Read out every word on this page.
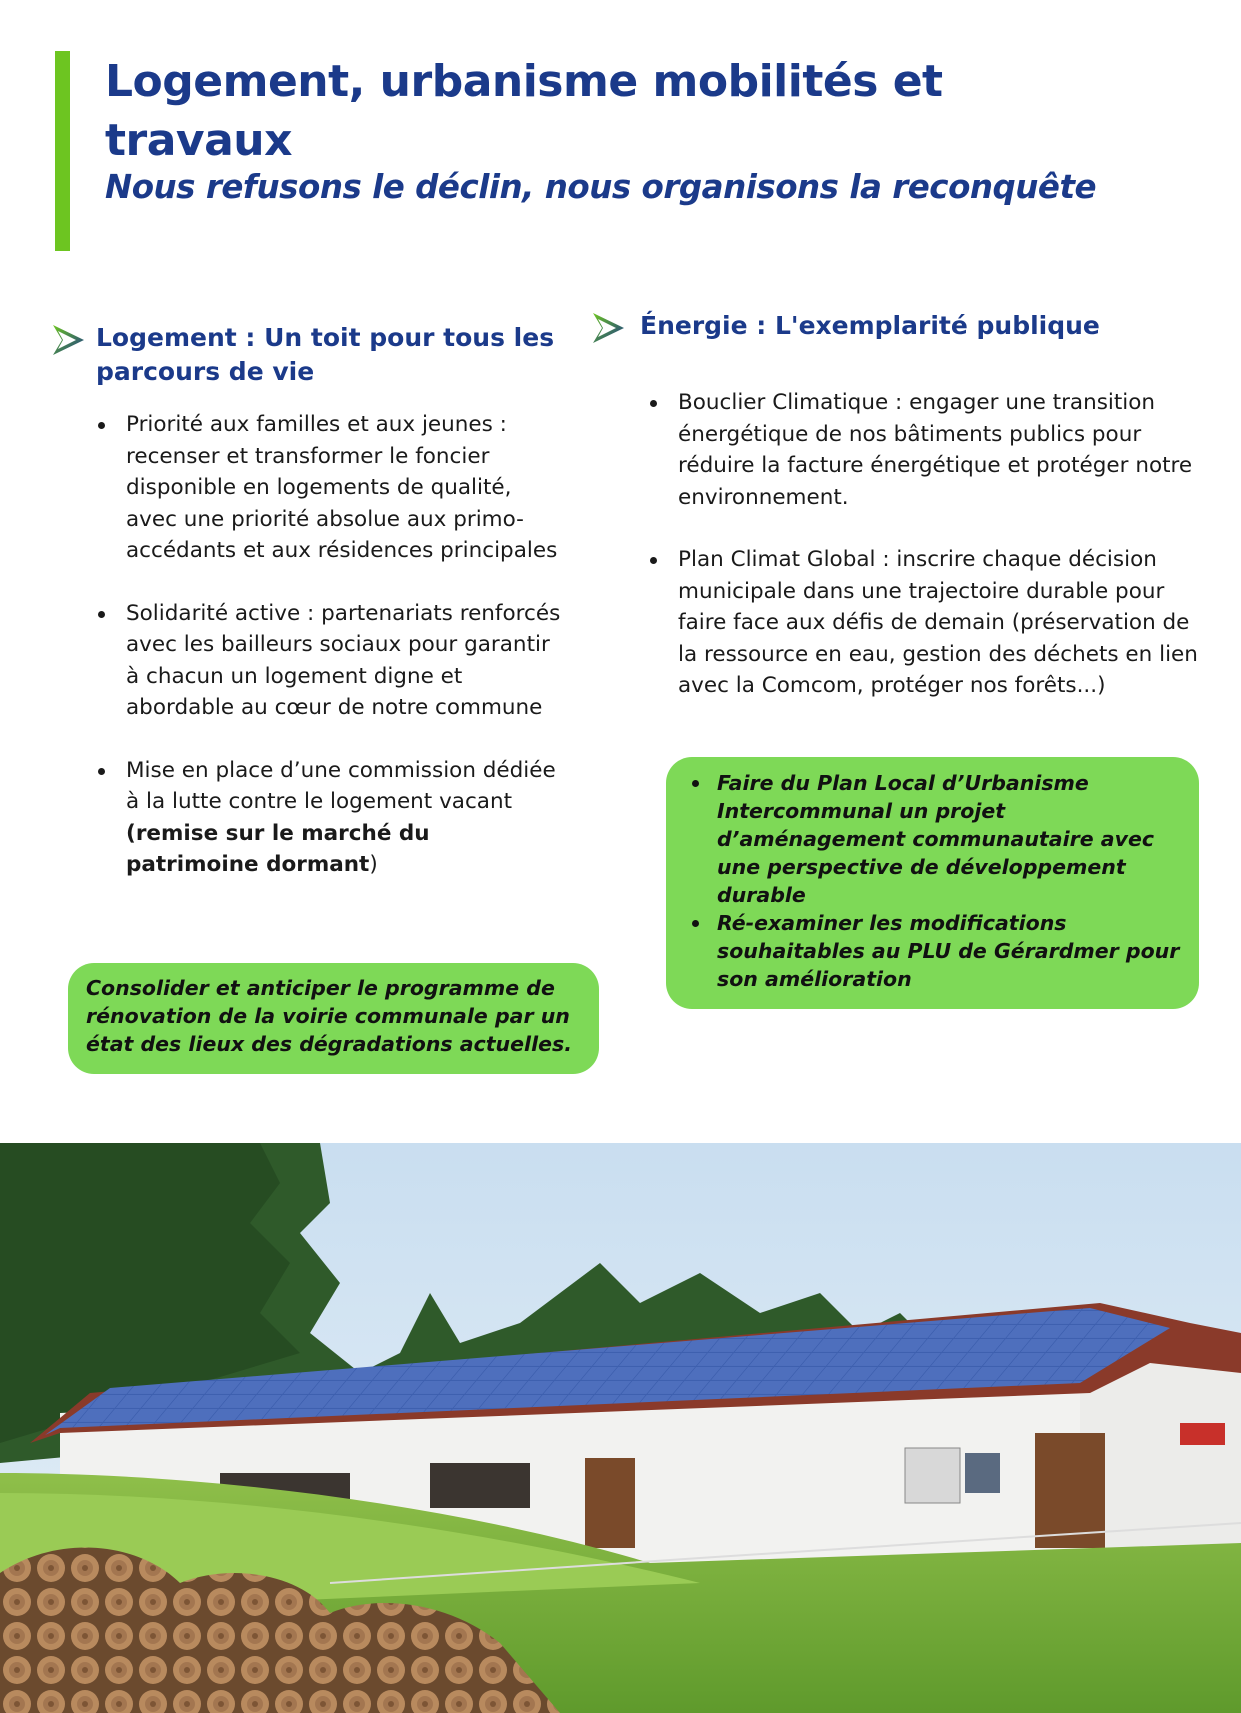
Logement, urbanisme mobilités et travaux
Nous refusons le déclin, nous organisons la reconquête
Logement : Un toit pour tous les parcours de vie
Priorité aux familles et aux jeunes : recenser et transformer le foncier disponible en logements de qualité, avec une priorité absolue aux primo-accédants et aux résidences principales
Solidarité active : partenariats renforcés avec les bailleurs sociaux pour garantir à chacun un logement digne et abordable au cœur de notre commune
Mise en place d’une commission dédiée à la lutte contre le logement vacant (remise sur le marché du patrimoine dormant)

Consolider et anticiper le programme de rénovation de la voirie communale par un état des lieux des dégradations actuelles.

Énergie : L'exemplarité publique
Bouclier Climatique : engager une transition énergétique de nos bâtiments publics pour réduire la facture énergétique et protéger notre environnement.
Plan Climat Global : inscrire chaque décision municipale dans une trajectoire durable pour faire face aux défis de demain (préservation de la ressource en eau, gestion des déchets en lien avec la Comcom, protéger nos forêts...)
Faire du Plan Local d’Urbanisme Intercommunal un projet d’aménagement communautaire avec une perspective de développement durable
Ré-examiner les modifications souhaitables au PLU de Gérardmer pour son amélioration
